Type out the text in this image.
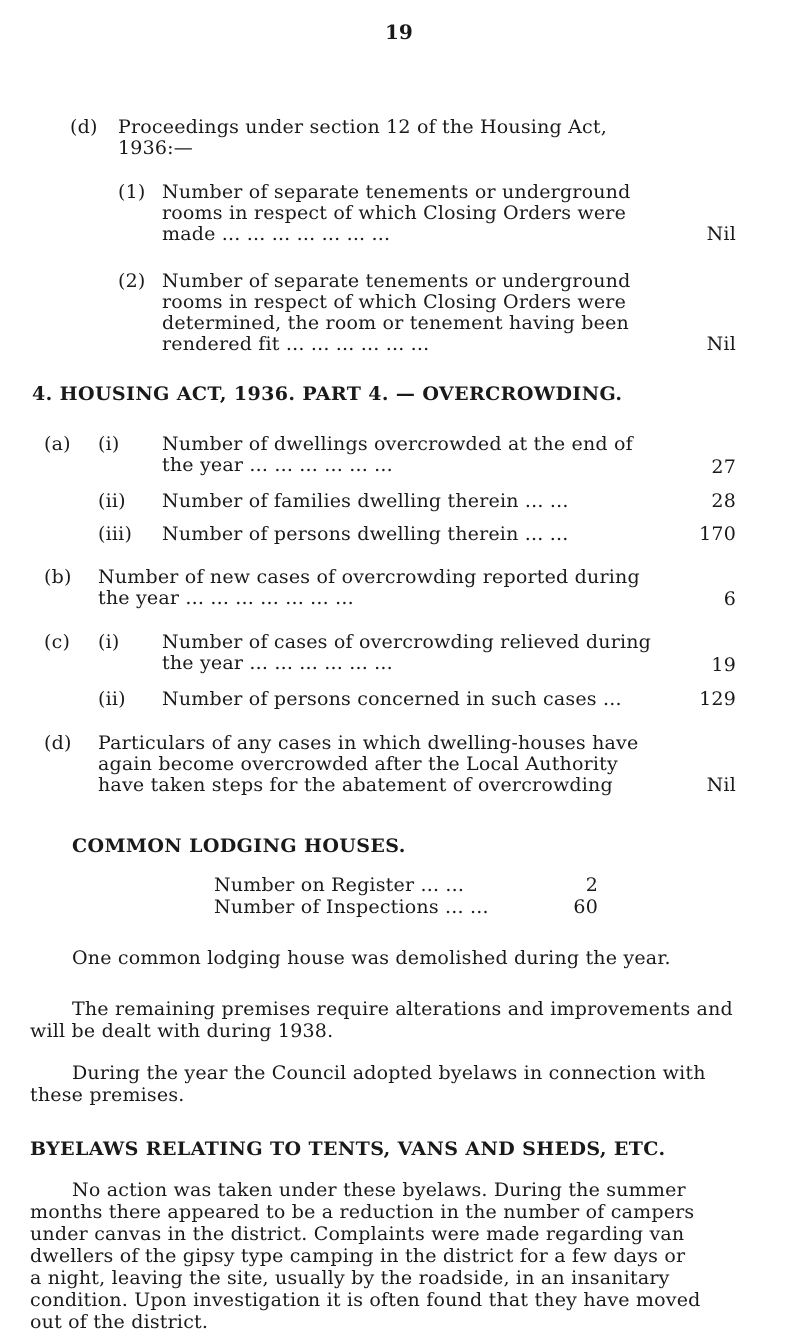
19
(d) Proceedings under section 12 of the Housing Act,
1936:—
(1) Number of separate tenements or underground
rooms in respect of which Closing Orders were
made ... ... ... ... ... ... ...	Nil
(2) Number of separate tenements or underground
rooms in respect of which Closing Orders were
determined, the room or tenement having been
rendered fit ... ... ... ... ... ...	Nil
4. HOUSING ACT, 1936. PART 4. — OVERCROWDING.
(a) (i) Number of dwellings overcrowded at the end of
the year ... ... ... ... ... ...	27
(ii) Number of families dwelling therein ... ...	28
(iii) Number of persons dwelling therein ... ...	170
(b) Number of new cases of overcrowding reported during
the year ... ... ... ... ... ... ...	6
(c) (i) Number of cases of overcrowding relieved during
the year ... ... ... ... ... ...	19
(ii) Number of persons concerned in such cases ...	129
(d) Particulars of any cases in which dwelling-houses have
again become overcrowded after the Local Authority
have taken steps for the abatement of overcrowding	Nil
COMMON LODGING HOUSES.
Number on Register ... ...	2
Number of Inspections ... ...	60
One common lodging house was demolished during the year.
The remaining premises require alterations and improvements and
will be dealt with during 1938.
During the year the Council adopted byelaws in connection with
these premises.
BYELAWS RELATING TO TENTS, VANS AND SHEDS, ETC.
No action was taken under these byelaws. During the summer
months there appeared to be a reduction in the number of campers
under canvas in the district. Complaints were made regarding van
dwellers of the gipsy type camping in the district for a few days or
a night, leaving the site, usually by the roadside, in an insanitary
condition. Upon investigation it is often found that they have moved
out of the district.
